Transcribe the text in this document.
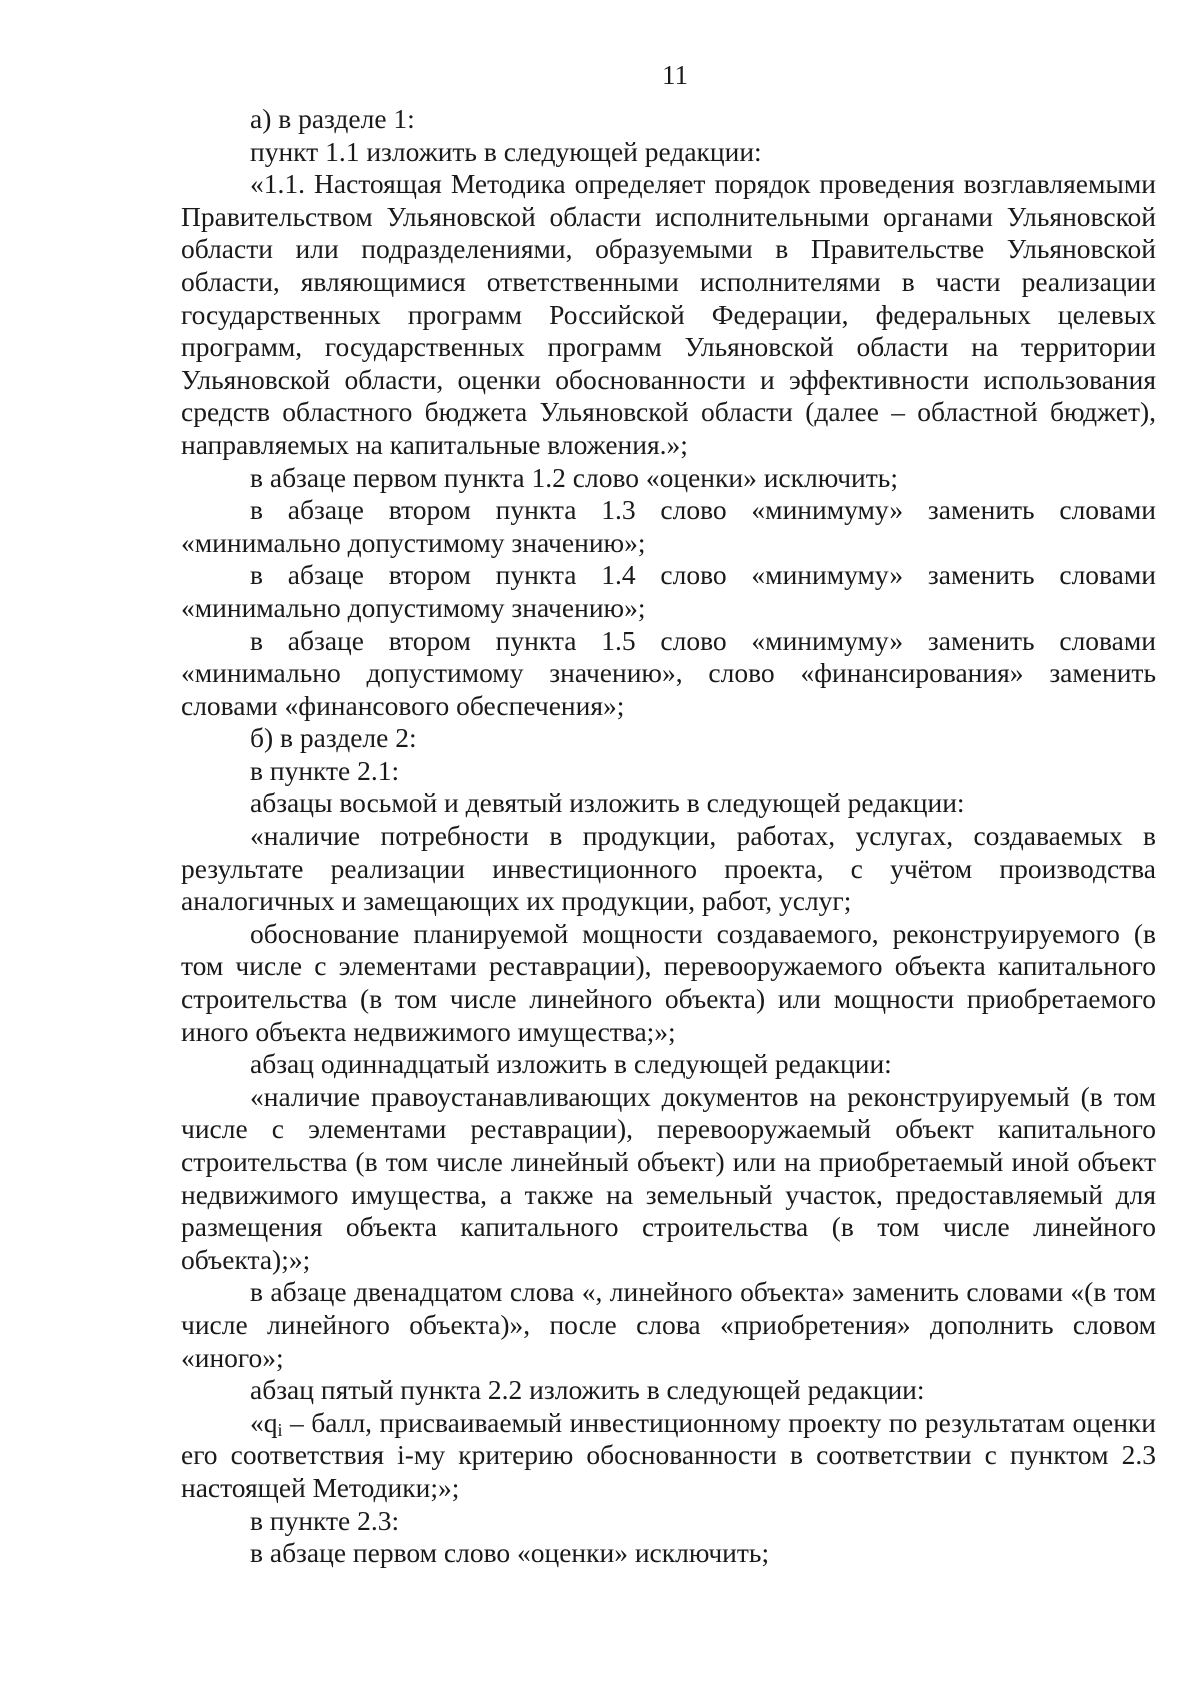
11

а) в разделе 1:

пункт 1.1 изложить в следующей редакции:

«1.1. Настоящая Методика определяет порядок проведения возглавляемыми Правительством Ульяновской области исполнительными органами Ульяновской области или подразделениями, образуемыми в Правительстве Ульяновской области, являющимися ответственными исполнителями в части реализации государственных программ Российской Федерации, федеральных целевых программ, государственных программ Ульяновской области на территории Ульяновской области, оценки обоснованности и эффективности использования средств областного бюджета Ульяновской области (далее – областной бюджет), направляемых на капитальные вложения.»;

в абзаце первом пункта 1.2 слово «оценки» исключить;

в абзаце втором пункта 1.3 слово «минимуму» заменить словами «минимально допустимому значению»;

в абзаце втором пункта 1.4 слово «минимуму» заменить словами «минимально допустимому значению»;

в абзаце втором пункта 1.5 слово «минимуму» заменить словами «минимально допустимому значению», слово «финансирования» заменить словами «финансового обеспечения»;

б) в разделе 2:

в пункте 2.1:

абзацы восьмой и девятый изложить в следующей редакции:

«наличие потребности в продукции, работах, услугах, создаваемых в результате реализации инвестиционного проекта, с учётом производства аналогичных и замещающих их продукции, работ, услуг;

обоснование планируемой мощности создаваемого, реконструируемого (в том числе с элементами реставрации), перевооружаемого объекта капитального строительства (в том числе линейного объекта) или мощности приобретаемого иного объекта недвижимого имущества;»;

абзац одиннадцатый изложить в следующей редакции:

«наличие правоустанавливающих документов на реконструируемый (в том числе с элементами реставрации), перевооружаемый объект капитального строительства (в том числе линейный объект) или на приобретаемый иной объект недвижимого имущества, а также на земельный участок, предоставляемый для размещения объекта капитального строительства (в том числе линейного объекта);»;

в абзаце двенадцатом слова «, линейного объекта» заменить словами «(в том числе линейного объекта)», после слова «приобретения» дополнить словом «иного»;

абзац пятый пункта 2.2 изложить в следующей редакции:

«$q_i$ – балл, присваиваемый инвестиционному проекту по результатам оценки его соответствия i-му критерию обоснованности в соответствии с пунктом 2.3 настоящей Методики;»;

в пункте 2.3:

в абзаце первом слово «оценки» исключить;
